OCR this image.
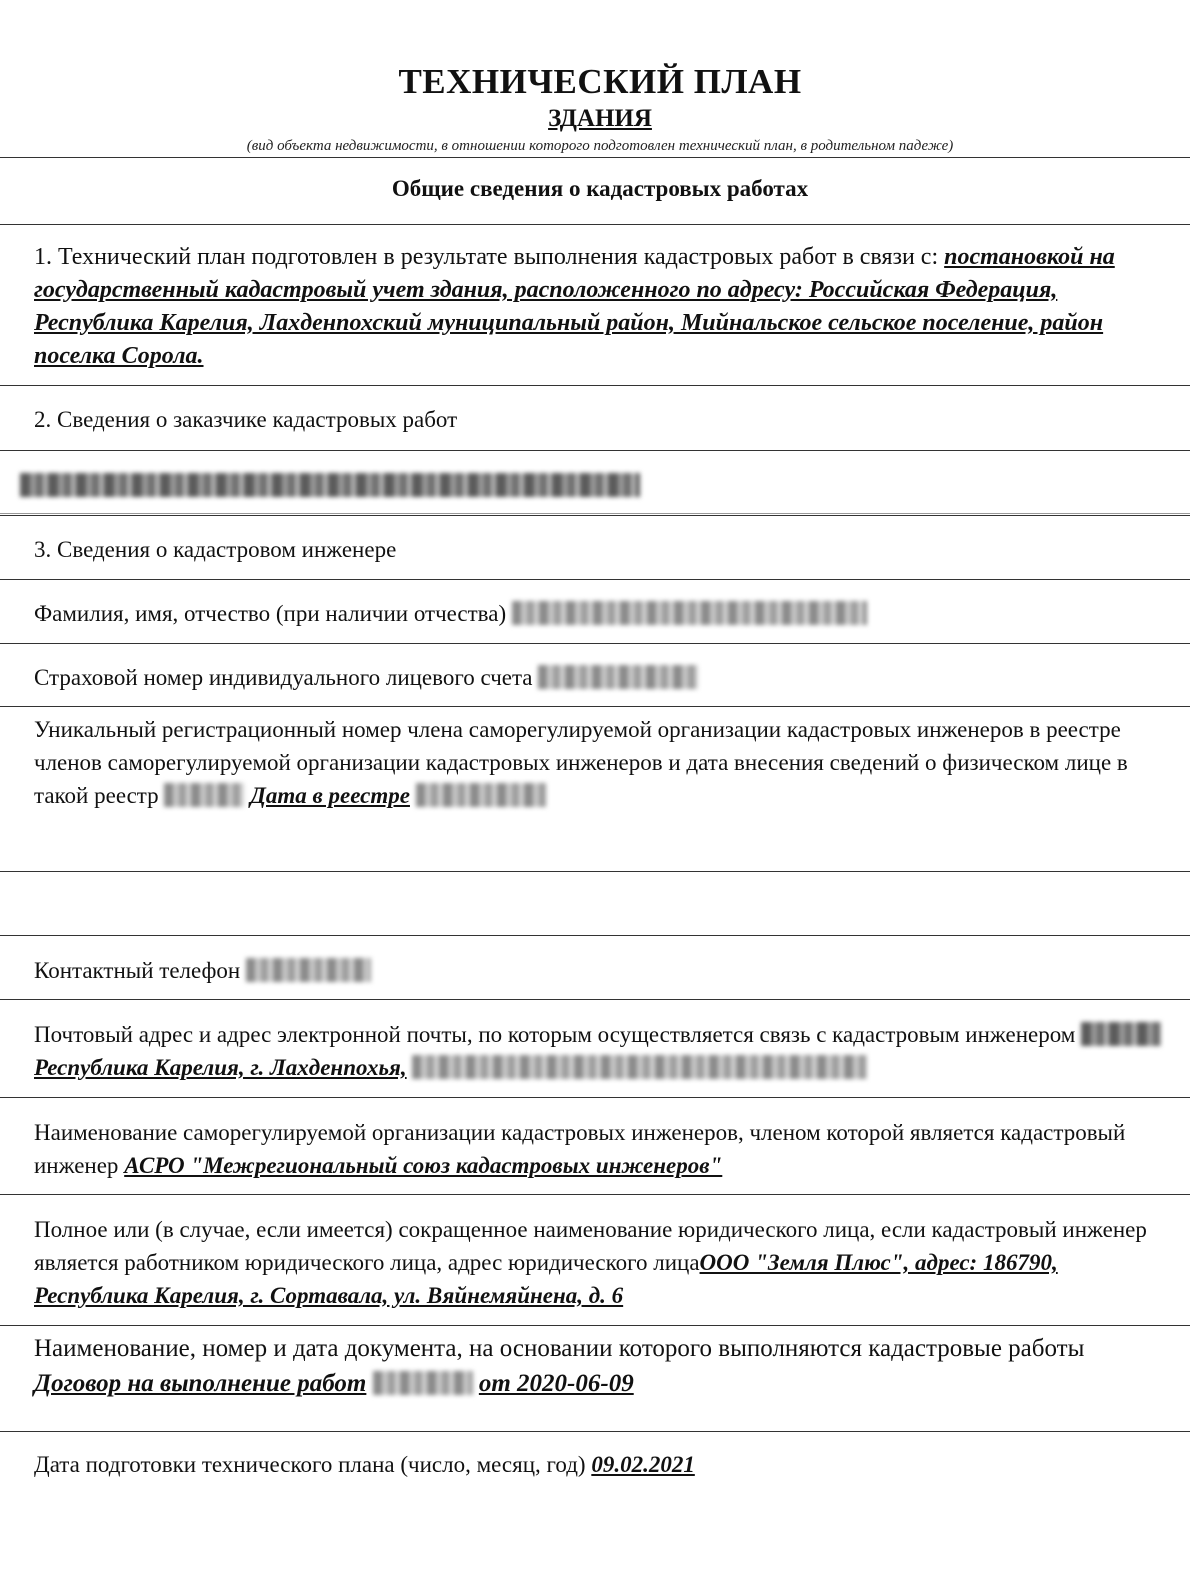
ТЕХНИЧЕСКИЙ ПЛАН
ЗДАНИЯ
(вид объекта недвижимости, в отношении которого подготовлен технический план, в родительном падеже)
Общие сведения о кадастровых работах
1. Технический план подготовлен в результате выполнения кадастровых работ в связи с: постановкой на государственный кадастровый учет здания, расположенного по адресу: Российская Федерация, Республика Карелия, Лахденпохский муниципальный район, Мийнальское сельское поселение, район поселка Сорола.
2. Сведения о заказчике кадастровых работ
3. Сведения о кадастровом инженере
Фамилия, имя, отчество (при наличии отчества)
Страховой номер индивидуального лицевого счета
Уникальный регистрационный номер члена саморегулируемой организации кадастровых инженеров в реестре членов саморегулируемой организации кадастровых инженеров и дата внесения сведений о физическом лице в такой реестр	Дата в реестре
Контактный телефон
Почтовый адрес и адрес электронной почты, по которым осуществляется связь с кадастровым инженером  Республика Карелия, г. Лахденпохья,
Наименование саморегулируемой организации кадастровых инженеров, членом которой является кадастровый инженер АСРО "Межрегиональный союз кадастровых инженеров"
Полное или (в случае, если имеется) сокращенное наименование юридического лица, если кадастровый инженер является работником юридического лица, адрес юридического лицаООО "Земля Плюс", адрес: 186790, Республика Карелия, г. Сортавала, ул. Вяйнемяйнена, д. 6
Наименование, номер и дата документа, на основании которого выполняются кадастровые работы Договор на выполнение работ	от 2020-06-09
Дата подготовки технического плана (число, месяц, год) 09.02.2021
